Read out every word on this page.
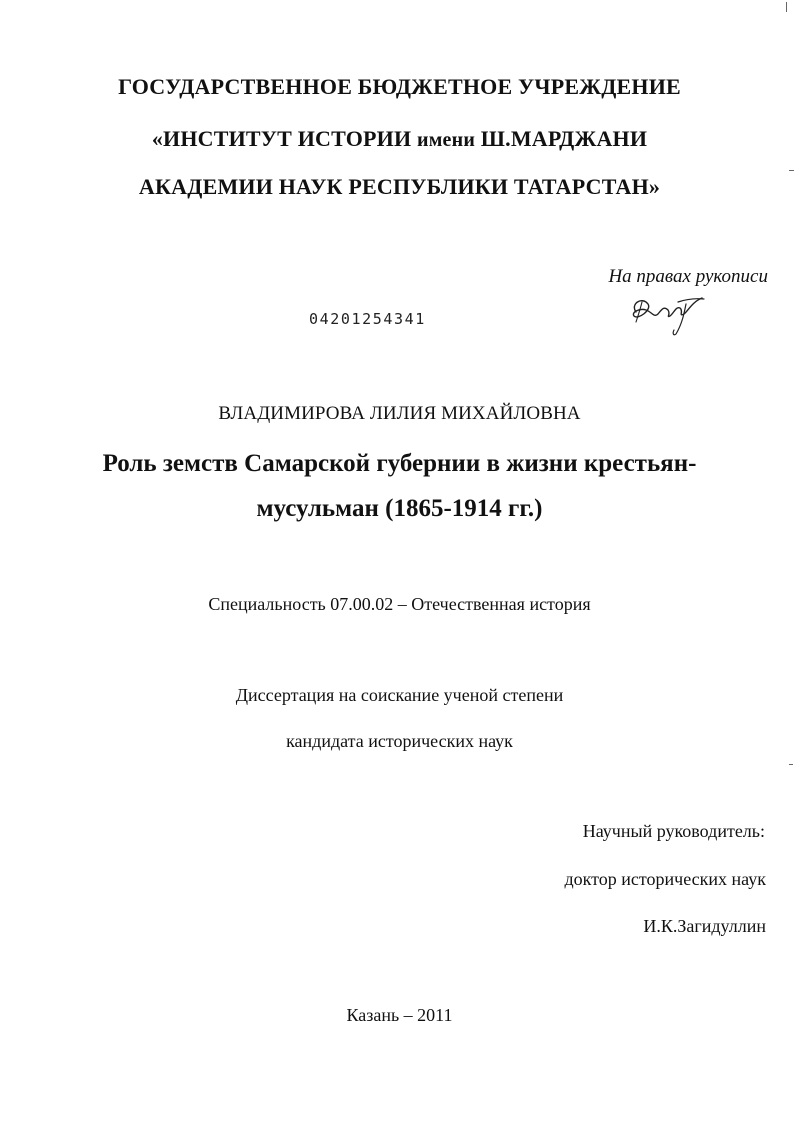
ГОСУДАРСТВЕННОЕ БЮДЖЕТНОЕ УЧРЕЖДЕНИЕ
«ИНСТИТУТ ИСТОРИИ имени Ш.МАРДЖАНИ
АКАДЕМИИ НАУК РЕСПУБЛИКИ ТАТАРСТАН»
На правах рукописи
04201254341
ВЛАДИМИРОВА ЛИЛИЯ МИХАЙЛОВНА
Роль земств Самарской губернии в жизни крестьян-
мусульман (1865-1914 гг.)
Специальность 07.00.02 – Отечественная история
Диссертация на соискание ученой степени
кандидата исторических наук
Научный руководитель:
доктор исторических наук
И.К.Загидуллин
Казань – 2011
